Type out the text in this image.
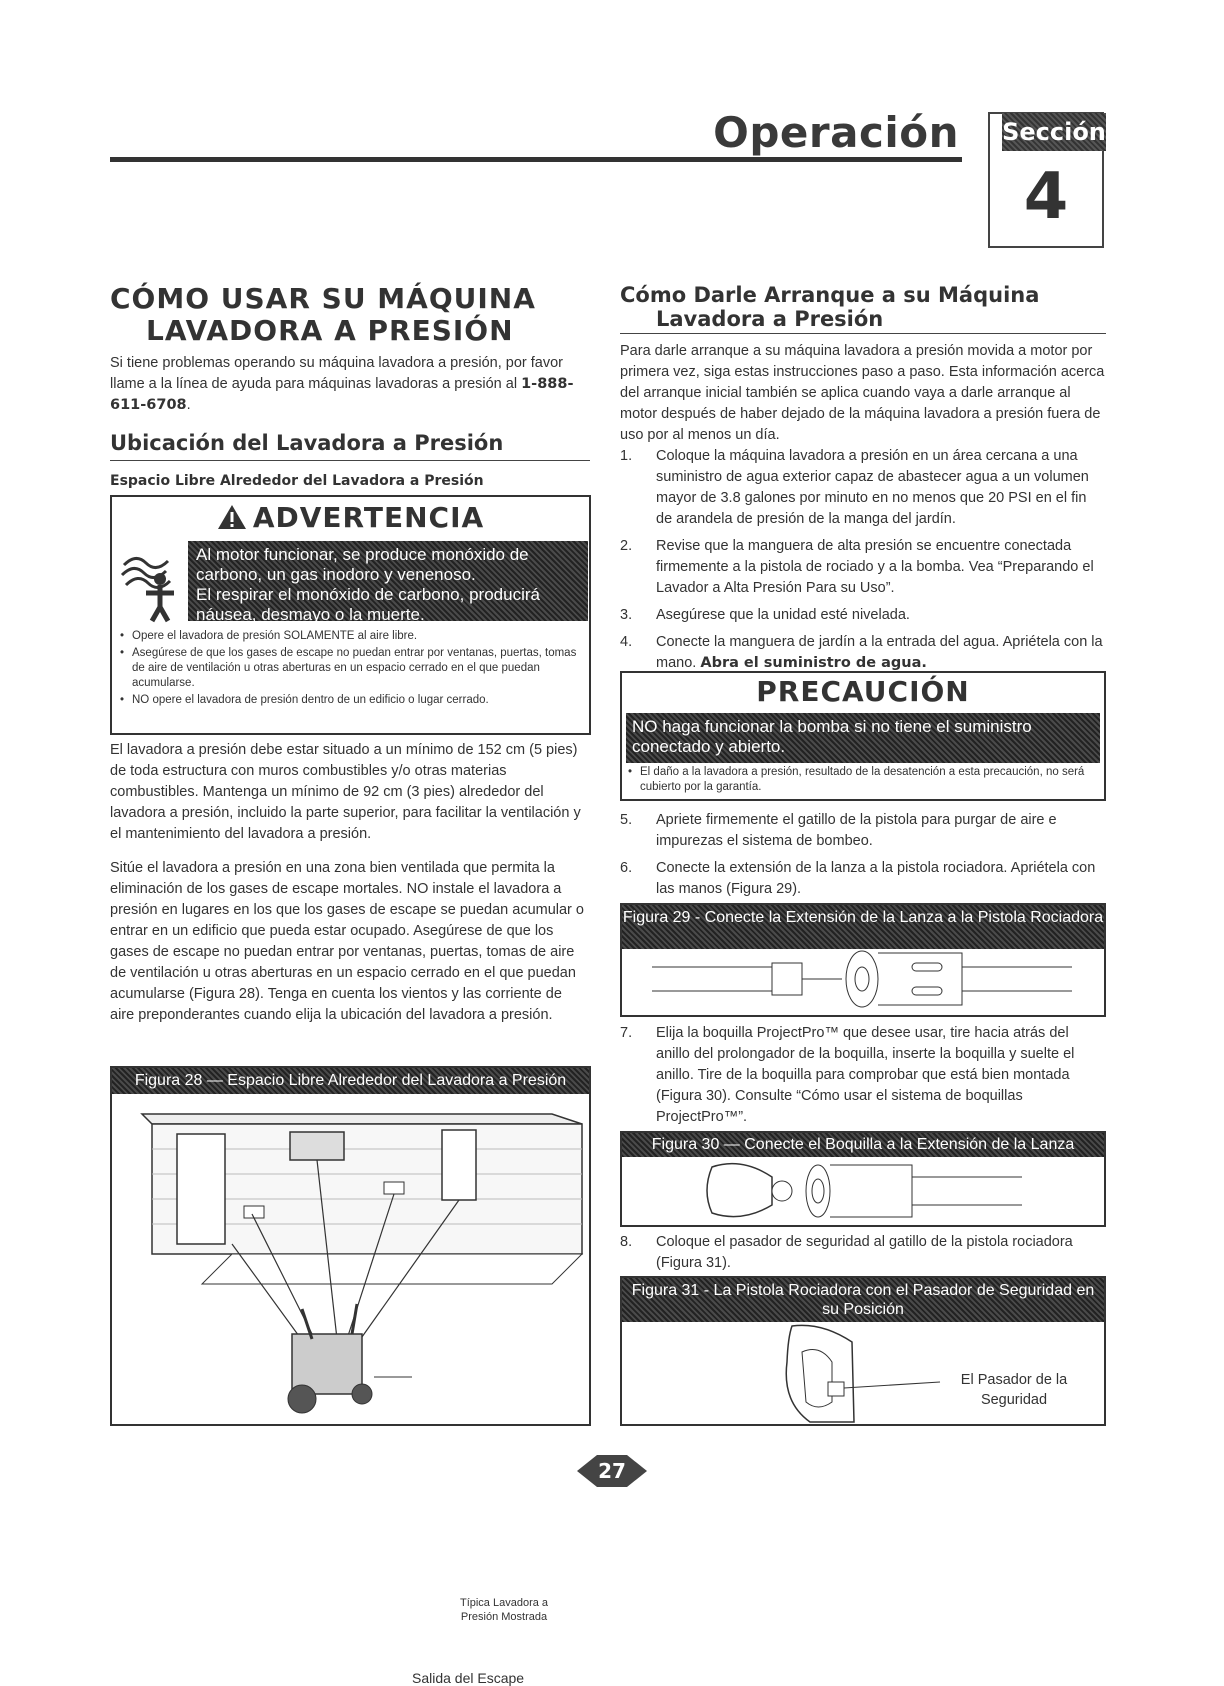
Operación Sección
4
CÓMO USAR SU MÁQUINA
LAVADORA A PRESIÓN
Si tiene problemas operando su máquina lavadora a presión, por favor llame a la línea de ayuda para máquinas lavadoras a presión al 1-888-611-6708.
Ubicación del Lavadora a Presión
Espacio Libre Alrededor del Lavadora a Presión
ADVERTENCIA
Al motor funcionar, se produce monóxido de carbono, un gas inodoro y venenoso.
El respirar el monóxido de carbono, producirá náusea, desmayo o la muerte.
• Opere el lavadora de presión SOLAMENTE al aire libre.
• Asegúrese de que los gases de escape no puedan entrar por ventanas, puertas, tomas de aire de ventilación u otras aberturas en un espacio cerrado en el que puedan acumularse.
• NO opere el lavadora de presión dentro de un edificio o lugar cerrado.
El lavadora a presión debe estar situado a un mínimo de 152 cm (5 pies) de toda estructura con muros combustibles y/o otras materias combustibles. Mantenga un mínimo de 92 cm (3 pies) alrededor del lavadora a presión, incluido la parte superior, para facilitar la ventilación y el mantenimiento del lavadora a presión.
Sitúe el lavadora a presión en una zona bien ventilada que permita la eliminación de los gases de escape mortales. NO instale el lavadora a presión en lugares en los que los gases de escape se puedan acumular o entrar en un edificio que pueda estar ocupado. Asegúrese de que los gases de escape no puedan entrar por ventanas, puertas, tomas de aire de ventilación u otras aberturas en un espacio cerrado en el que puedan acumularse (Figura 28). Tenga en cuenta los vientos y las corriente de aire preponderantes cuando elija la ubicación del lavadora a presión.
Figura 28 — Espacio Libre Alrededor del Lavadora a Presión
Típica Lavadora a Presión Mostrada
Salida del Escape
Cómo Darle Arranque a su Máquina
Lavadora a Presión
Para darle arranque a su máquina lavadora a presión movida a motor por primera vez, siga estas instrucciones paso a paso. Esta información acerca del arranque inicial también se aplica cuando vaya a darle arranque al motor después de haber dejado de la máquina lavadora a presión fuera de uso por al menos un día.
1. Coloque la máquina lavadora a presión en un área cercana a una suministro de agua exterior capaz de abastecer agua a un volumen mayor de 3.8 galones por minuto en no menos que 20 PSI en el fin de arandela de presión de la manga del jardín.
2. Revise que la manguera de alta presión se encuentre conectada firmemente a la pistola de rociado y a la bomba. Vea “Preparando el Lavador a Alta Presión Para su Uso”.
3. Asegúrese que la unidad esté nivelada.
4. Conecte la manguera de jardín a la entrada del agua. Apriétela con la mano. Abra el suministro de agua.
PRECAUCIÓN
NO haga funcionar la bomba si no tiene el suministro conectado y abierto.
• El daño a la lavadora a presión, resultado de la desatención a esta precaución, no será cubierto por la garantía.
5. Apriete firmemente el gatillo de la pistola para purgar de aire e impurezas el sistema de bombeo.
6. Conecte la extensión de la lanza a la pistola rociadora. Apriétela con las manos (Figura 29).
Figura 29 - Conecte la Extensión de la Lanza a la Pistola Rociadora
7. Elija la boquilla ProjectPro™ que desee usar, tire hacia atrás del anillo del prolongador de la boquilla, inserte la boquilla y suelte el anillo. Tire de la boquilla para comprobar que está bien montada (Figura 30). Consulte “Cómo usar el sistema de boquillas ProjectPro™”.
Figura 30 — Conecte el Boquilla a la Extensión de la Lanza
8. Coloque el pasador de seguridad al gatillo de la pistola rociadora (Figura 31).
Figura 31 - La Pistola Rociadora con el Pasador de Seguridad en su Posición
El Pasador de la Seguridad
27
